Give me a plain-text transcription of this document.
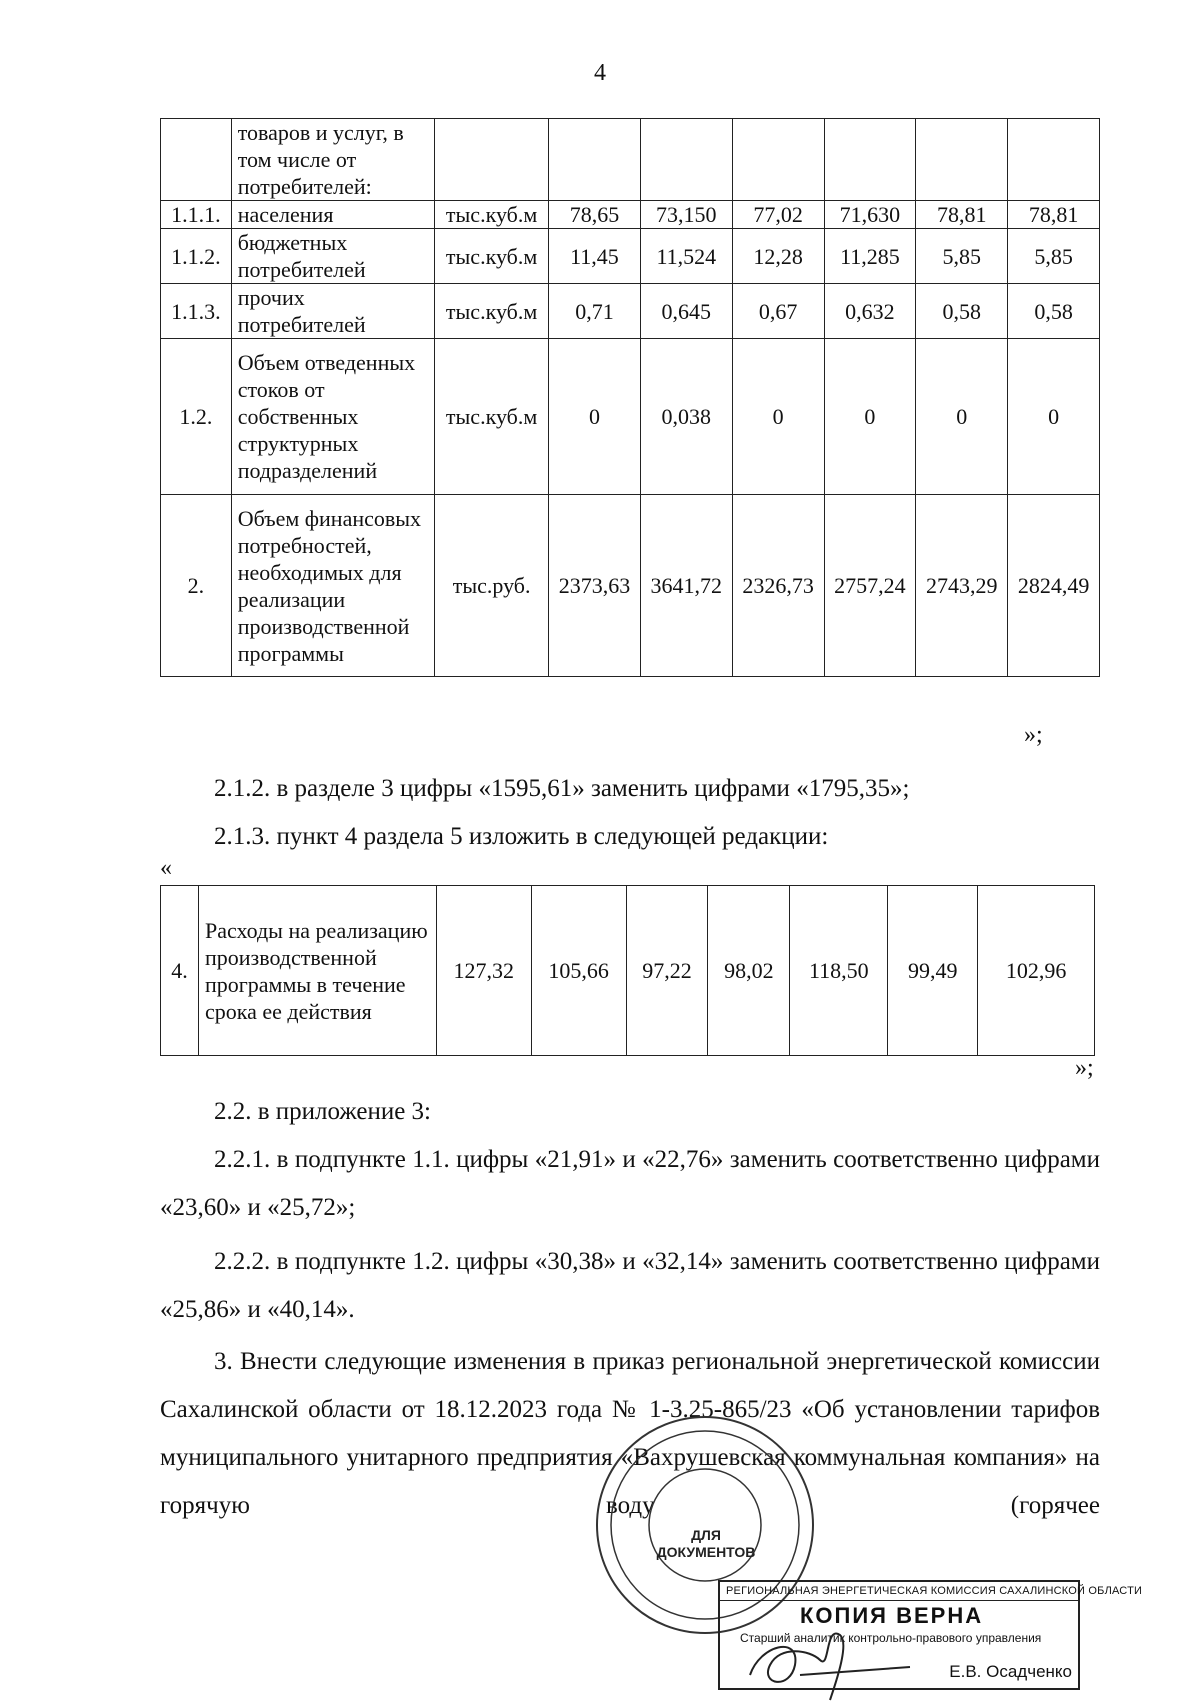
4
	товаров и услуг, в том числе от потребителей:							
1.1.1.	населения	тыс.куб.м	78,65	73,150	77,02	71,630	78,81	78,81
1.1.2.	бюджетных потребителей	тыс.куб.м	11,45	11,524	12,28	11,285	5,85	5,85
1.1.3.	прочих потребителей	тыс.куб.м	0,71	0,645	0,67	0,632	0,58	0,58
1.2.	Объем отведенных стоков от собственных структурных подразделений	тыс.куб.м	0	0,038	0	0	0	0
2.	Объем финансовых потребностей, необходимых для реализации производственной программы	тыс.руб.	2373,63	3641,72	2326,73	2757,24	2743,29	2824,49
»;
2.1.2. в разделе 3 цифры «1595,61» заменить цифрами «1795,35»;
2.1.3. пункт 4 раздела 5 изложить в следующей редакции:
«
4.	Расходы на реализацию производственной программы в течение срока ее действия	127,32	105,66	97,22	98,02	118,50	99,49	102,96
»;
2.2. в приложение 3:
2.2.1. в подпункте 1.1. цифры «21,91» и «22,76» заменить соответственно цифрами «23,60» и «25,72»;
2.2.2. в подпункте 1.2. цифры «30,38» и «32,14» заменить соответственно цифрами «25,86» и «40,14».
3. Внести следующие изменения в приказ региональной энергетической комиссии Сахалинской области от 18.12.2023 года № 1-3.25-865/23 «Об установлении тарифов муниципального унитарного предприятия «Вахрушевская коммунальная компания» на горячую воду (горячее
ДЛЯ ДОКУМЕНТОВ
РЕГИОНАЛЬНАЯ ЭНЕРГЕТИЧЕСКАЯ КОМИССИЯ САХАЛИНСКОЙ ОБЛАСТИ
КОПИЯ ВЕРНА
Старший аналитик контрольно-правового управления
Е.В. Осадченко
